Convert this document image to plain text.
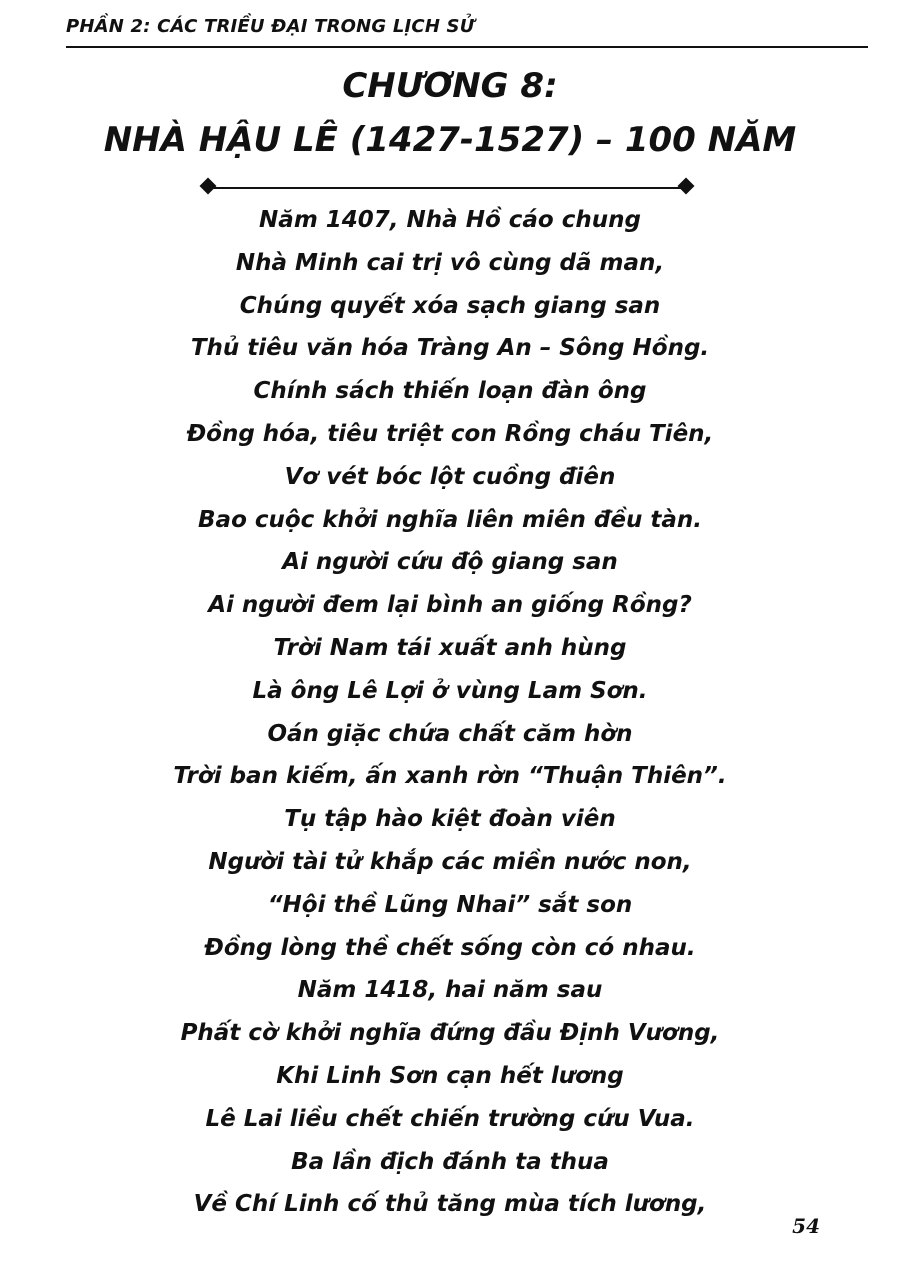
PHẦN 2: CÁC TRIỀU ĐẠI TRONG LỊCH SỬ
CHƯƠNG 8:
NHÀ HẬU LÊ (1427-1527) – 100 NĂM
Năm 1407, Nhà Hồ cáo chung
Nhà Minh cai trị vô cùng dã man,
Chúng quyết xóa sạch giang san
Thủ tiêu văn hóa Tràng An – Sông Hồng.
Chính sách thiến loạn đàn ông
Đồng hóa, tiêu triệt con Rồng cháu Tiên,
Vơ vét bóc lột cuồng điên
Bao cuộc khởi nghĩa liên miên đều tàn.
Ai người cứu độ giang san
Ai người đem lại bình an giống Rồng?
Trời Nam tái xuất anh hùng
Là ông Lê Lợi ở vùng Lam Sơn.
Oán giặc chứa chất căm hờn
Trời ban kiếm, ấn xanh rờn “Thuận Thiên”.
Tụ tập hào kiệt đoàn viên
Người tài tử khắp các miền nước non,
“Hội thề Lũng Nhai” sắt son
Đồng lòng thề chết sống còn có nhau.
Năm 1418, hai năm sau
Phất cờ khởi nghĩa đứng đầu Định Vương,
Khi Linh Sơn cạn hết lương
Lê Lai liều chết chiến trường cứu Vua.
Ba lần địch đánh ta thua
Về Chí Linh cố thủ tăng mùa tích lương,
54
